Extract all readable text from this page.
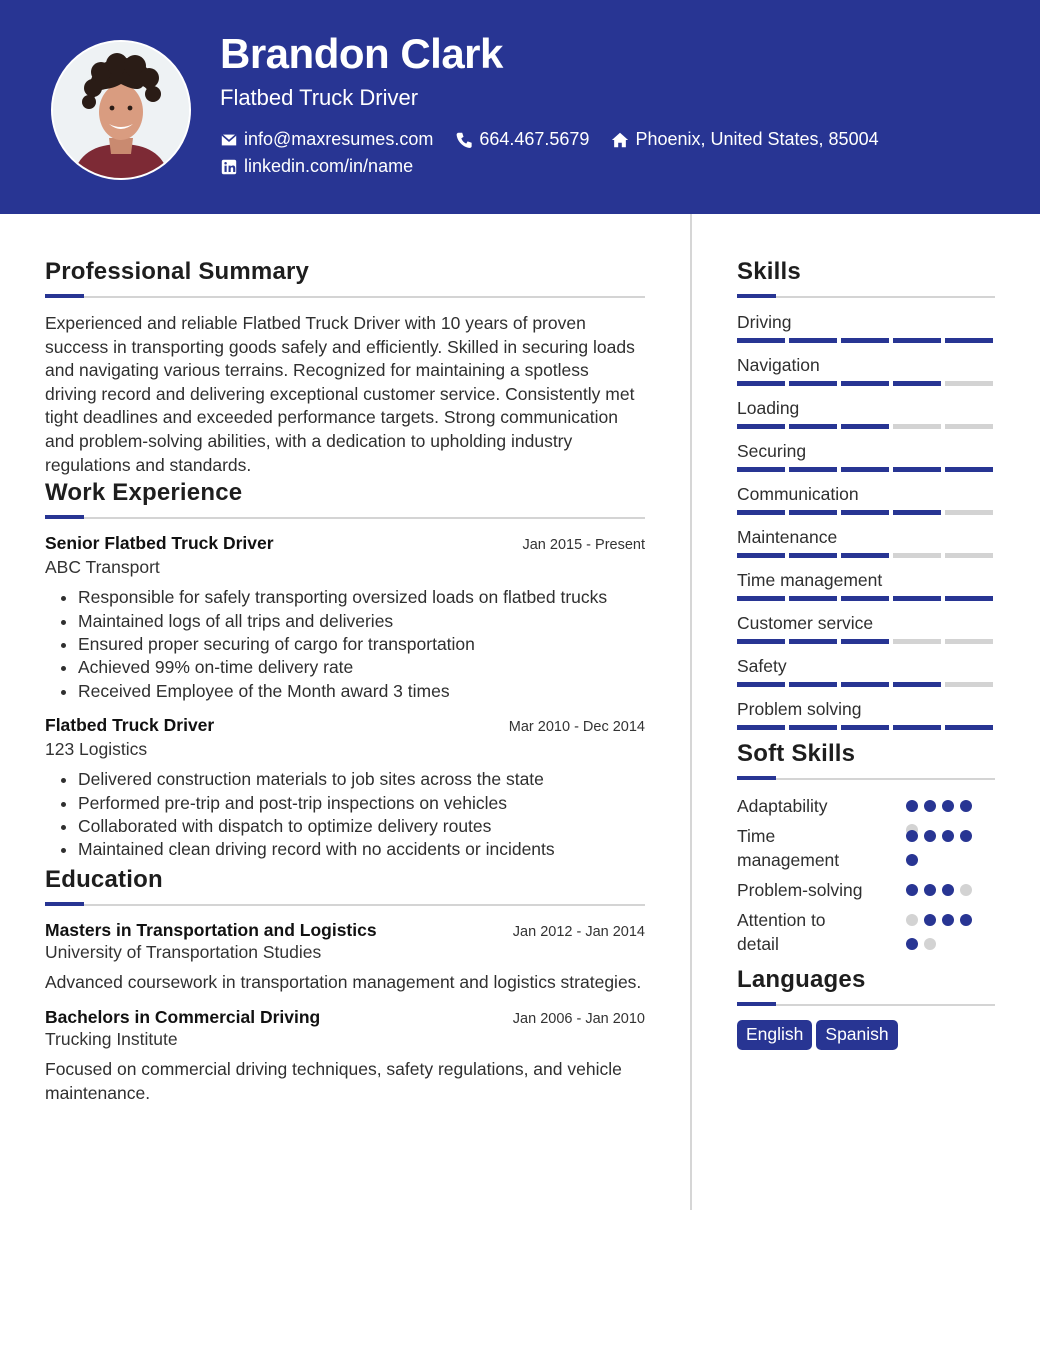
Brandon Clark
Flatbed Truck Driver
info@maxresumes.com	664.467.5679	Phoenix, United States, 85004
linkedin.com/in/name
Professional Summary

Experienced and reliable Flatbed Truck Driver with 10 years of proven success in transporting goods safely and efficiently. Skilled in securing loads and navigating various terrains. Recognized for maintaining a spotless driving record and delivering exceptional customer service. Consistently met tight deadlines and exceeded performance targets. Strong communication and problem-solving abilities, with a dedication to upholding industry regulations and standards.

Work Experience
Senior Flatbed Truck Driver	Jan 2015 - Present
ABC Transport
• Responsible for safely transporting oversized loads on flatbed trucks
• Maintained logs of all trips and deliveries
• Ensured proper securing of cargo for transportation
• Achieved 99% on-time delivery rate
• Received Employee of the Month award 3 times
Flatbed Truck Driver	Mar 2010 - Dec 2014
123 Logistics
• Delivered construction materials to job sites across the state
• Performed pre-trip and post-trip inspections on vehicles
• Collaborated with dispatch to optimize delivery routes
• Maintained clean driving record with no accidents or incidents
Education
Masters in Transportation and Logistics	Jan 2012 - Jan 2014
University of Transportation Studies
Advanced coursework in transportation management and logistics strategies.
Bachelors in Commercial Driving	Jan 2006 - Jan 2010
Trucking Institute
Focused on commercial driving techniques, safety regulations, and vehicle maintenance.
Skills
Driving
Navigation
Loading
Securing
Communication
Maintenance
Time management
Customer service
Safety
Problem solving
Soft Skills
Adaptability
Time management
Problem-solving
Attention to detail
Languages
English Spanish
